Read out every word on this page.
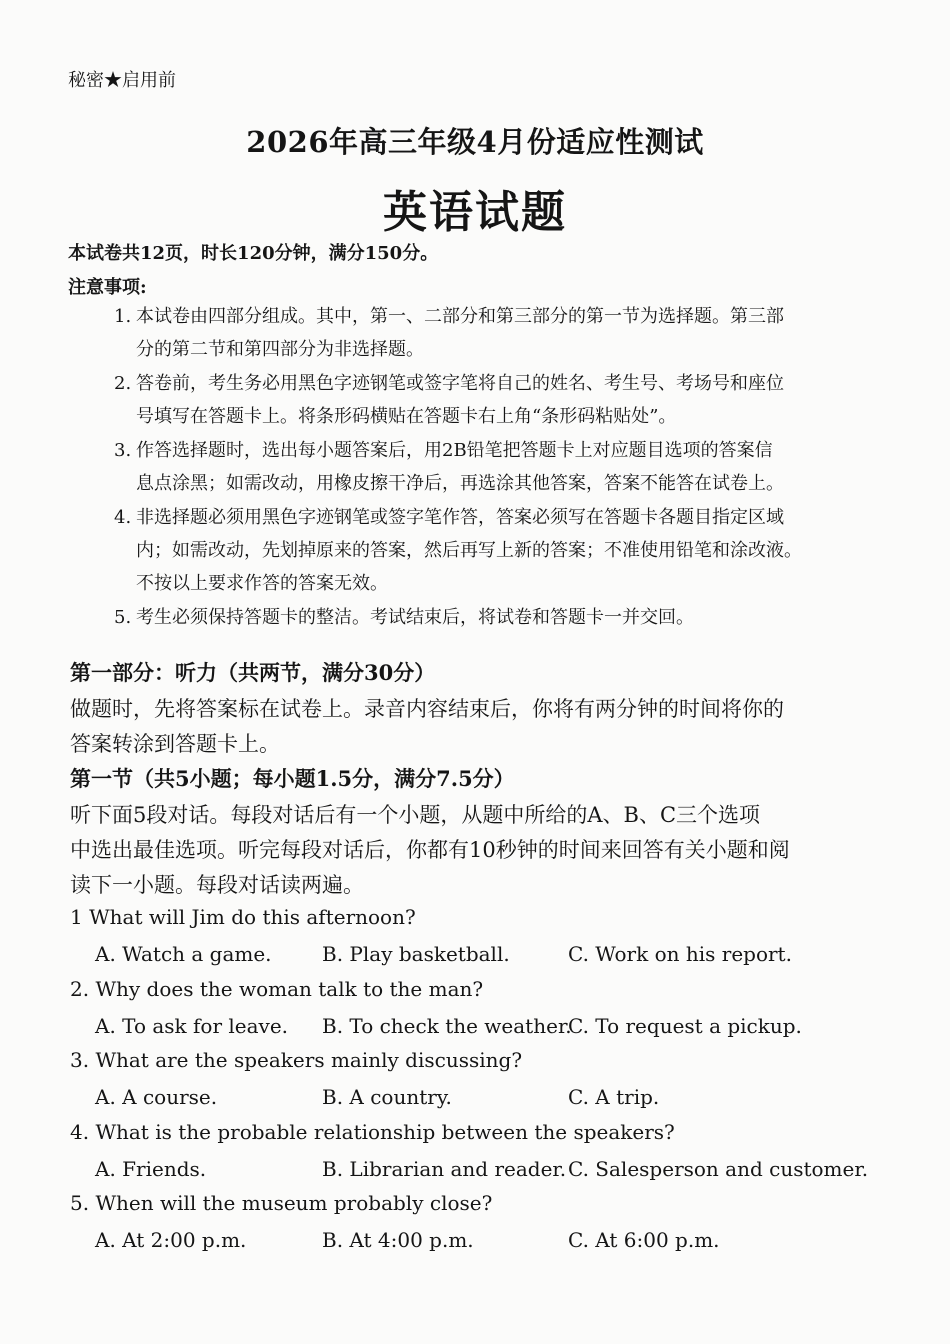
秘密★启用前
2026年高三年级4月份适应性测试
英语试题
本试卷共12页，时长120分钟，满分150分。
注意事项:
1. 本试卷由四部分组成。其中，第一、二部分和第三部分的第一节为选择题。第三部
分的第二节和第四部分为非选择题。
2. 答卷前，考生务必用黑色字迹钢笔或签字笔将自己的姓名、考生号、考场号和座位
号填写在答题卡上。将条形码横贴在答题卡右上角“条形码粘贴处”。
3. 作答选择题时，选出每小题答案后，用2B铅笔把答题卡上对应题目选项的答案信
息点涂黑；如需改动，用橡皮擦干净后，再选涂其他答案，答案不能答在试卷上。
4. 非选择题必须用黑色字迹钢笔或签字笔作答，答案必须写在答题卡各题目指定区域
内；如需改动，先划掉原来的答案，然后再写上新的答案；不准使用铅笔和涂改液。
不按以上要求作答的答案无效。
5. 考生必须保持答题卡的整洁。考试结束后，将试卷和答题卡一并交回。
第一部分：听力（共两节，满分30分）
做题时，先将答案标在试卷上。录音内容结束后，你将有两分钟的时间将你的
答案转涂到答题卡上。
第一节（共5小题；每小题1.5分，满分7.5分）
听下面5段对话。每段对话后有一个小题，从题中所给的A、B、C三个选项
中选出最佳选项。听完每段对话后，你都有10秒钟的时间来回答有关小题和阅
读下一小题。每段对话读两遍。
1 What will Jim do this afternoon?
A. Watch a game.	B. Play basketball.	C. Work on his report.
2. Why does the woman talk to the man?
A. To ask for leave. B. To check the weather.
C. To request a pickup.
3. What are the speakers mainly discussing?
A. A course.	B. A country.	C. A trip.
4. What is the probable relationship between the speakers?
A. Friends.	B. Librarian and reader. C. Salesperson and customer.
5. When will the museum probably close?
A. At 2:00 p.m.	B. At 4:00 p.m.	C. At 6:00 p.m.
